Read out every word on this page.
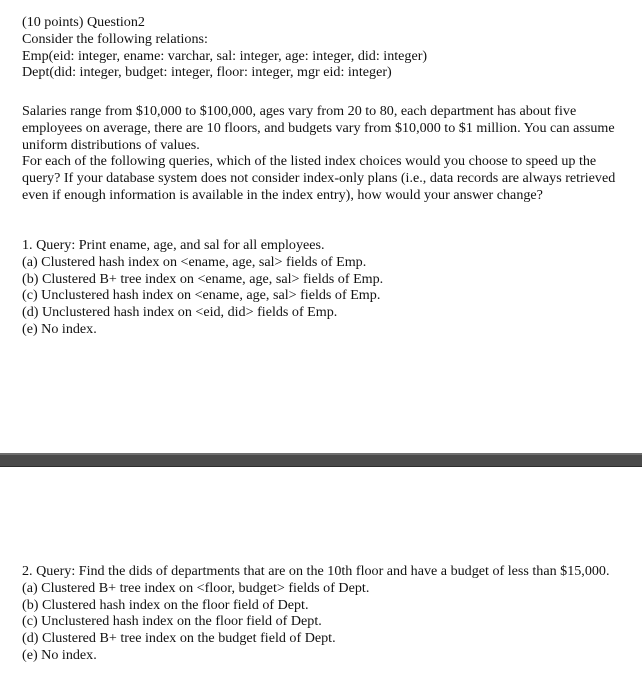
(10 points) Question2
Consider the following relations:
Emp(eid: integer, ename: varchar, sal: integer, age: integer, did: integer)
Dept(did: integer, budget: integer, floor: integer, mgr eid: integer)
Salaries range from $10,000 to $100,000, ages vary from 20 to 80, each department has about five employees on average, there are 10 floors, and budgets vary from $10,000 to $1 million. You can assume uniform distributions of values.
For each of the following queries, which of the listed index choices would you choose to speed up the query? If your database system does not consider index-only plans (i.e., data records are always retrieved even if enough information is available in the index entry), how would your answer change?
1. Query: Print ename, age, and sal for all employees.
(a) Clustered hash index on <ename, age, sal> fields of Emp.
(b) Clustered B+ tree index on <ename, age, sal> fields of Emp.
(c) Unclustered hash index on <ename, age, sal> fields of Emp.
(d) Unclustered hash index on <eid, did> fields of Emp.
(e) No index.
2. Query: Find the dids of departments that are on the 10th floor and have a budget of less than $15,000.
(a) Clustered B+ tree index on <floor, budget> fields of Dept.
(b) Clustered hash index on the floor field of Dept.
(c) Unclustered hash index on the floor field of Dept.
(d) Clustered B+ tree index on the budget field of Dept.
(e) No index.
